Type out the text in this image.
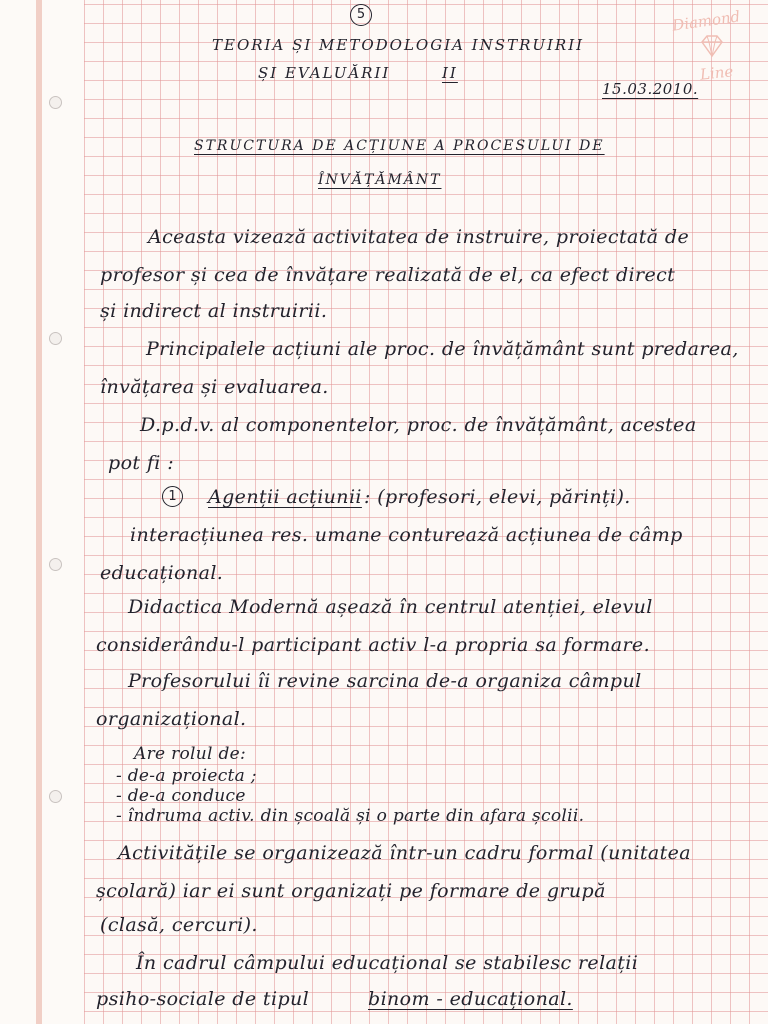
5	Diamond
Line
TEORIA ȘI METODOLOGIA INSTRUIRII
ȘI EVALUĂRII	II
15.03.2010.
STRUCTURA DE ACȚIUNE A PROCESULUI DE
ÎNVĂȚĂMÂNT
Aceasta vizează activitatea de instruire, proiectată de
profesor și cea de învățare realizată de el, ca efect direct
și indirect al instruirii.
Principalele acțiuni ale proc. de învățământ sunt predarea,
învățarea și evaluarea.
D.p.d.v. al componentelor, proc. de învățământ, acestea
pot fi :
1	Agenții acțiunii : (profesori, elevi, părinți).
interacțiunea res. umane conturează acțiunea de câmp
educațional.
Didactica Modernă așează în centrul atenției, elevul
considerându-l participant activ l-a propria sa formare.
Profesorului îi revine sarcina de-a organiza câmpul
organizațional.
Are rolul de:
- de-a proiecta ;
- de-a conduce
- îndruma activ. din școală și o parte din afara școlii.
Activitățile se organizează într-un cadru formal (unitatea
școlară) iar ei sunt organizați pe formare de grupă
(clasă, cercuri).
În cadrul câmpului educațional se stabilesc relații
psiho-sociale de tipul	binom - educațional.
